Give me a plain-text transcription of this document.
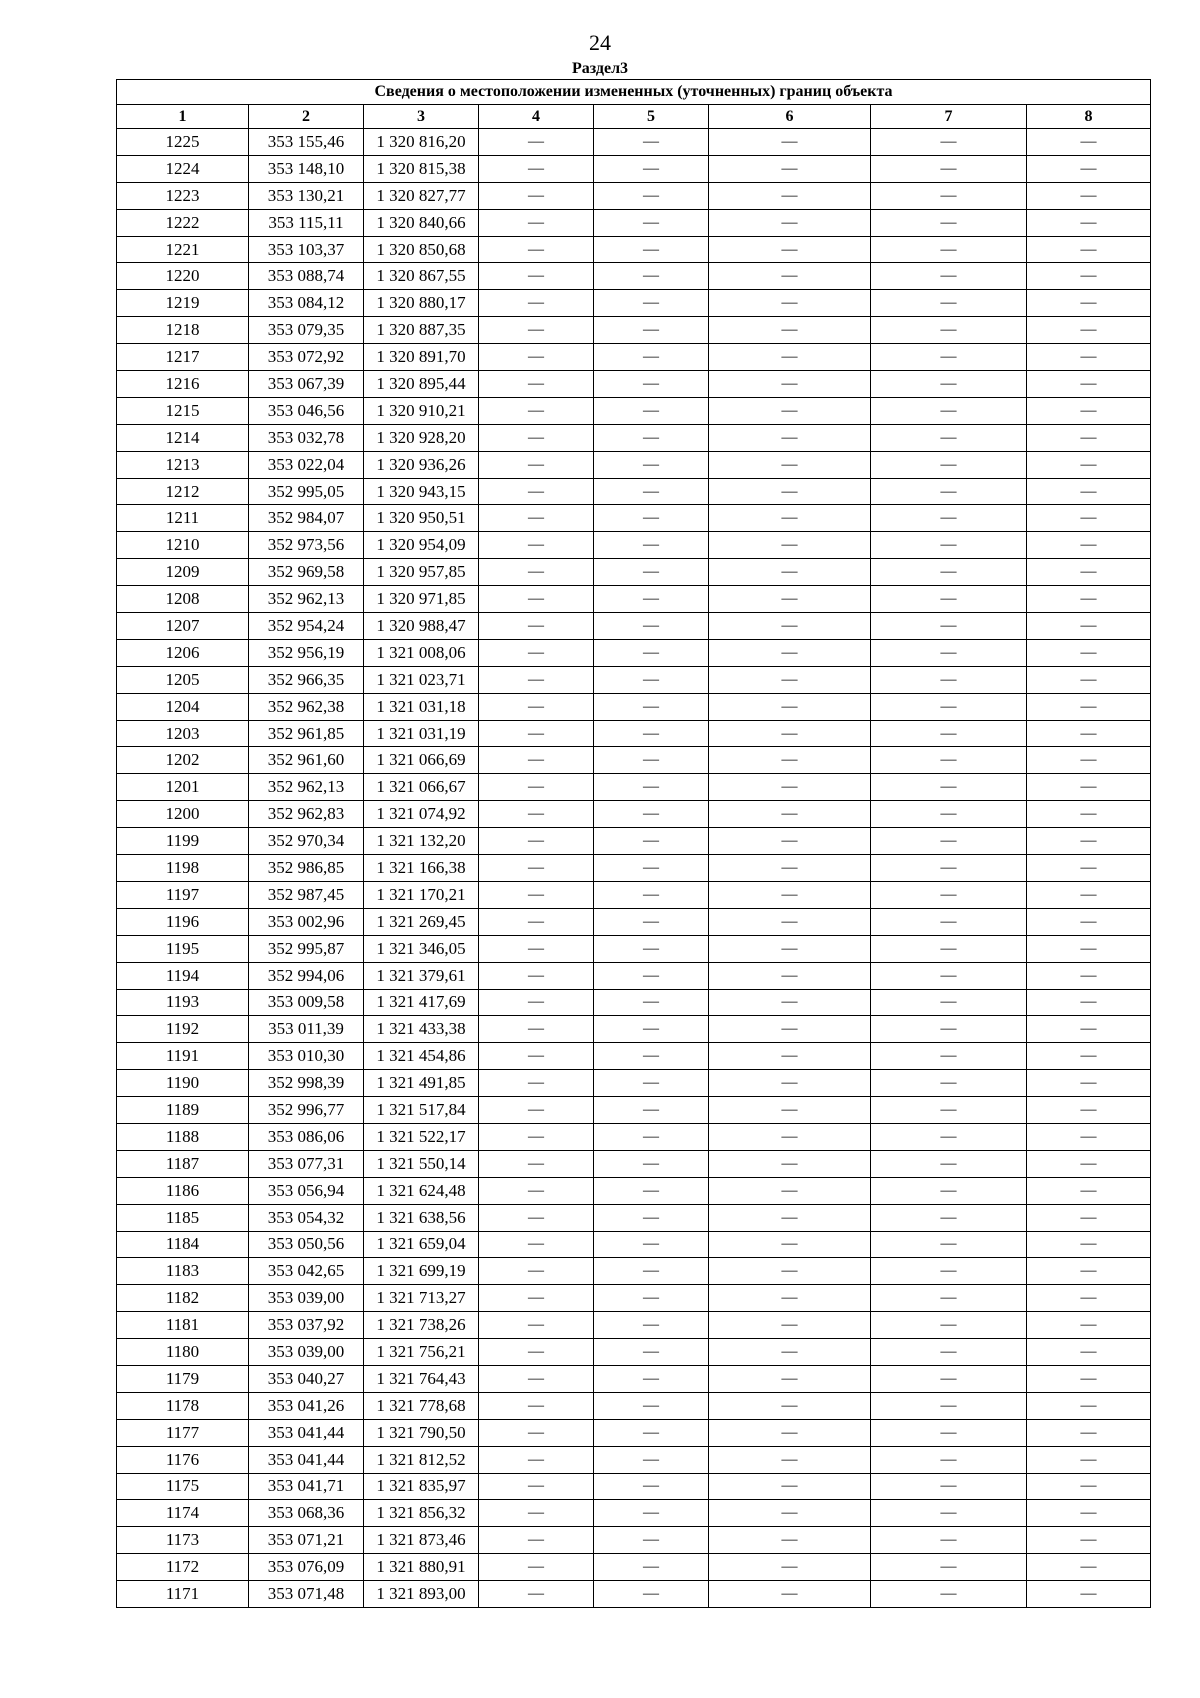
24
Раздел3
Сведения о местоположении измененных (уточненных) границ объекта							
1	2	3	4	5	6	7	8
1225	353 155,46	1 320 816,20	—	—	—	—	—
1224	353 148,10	1 320 815,38	—	—	—	—	—
1223	353 130,21	1 320 827,77	—	—	—	—	—
1222	353 115,11	1 320 840,66	—	—	—	—	—
1221	353 103,37	1 320 850,68	—	—	—	—	—
1220	353 088,74	1 320 867,55	—	—	—	—	—
1219	353 084,12	1 320 880,17	—	—	—	—	—
1218	353 079,35	1 320 887,35	—	—	—	—	—
1217	353 072,92	1 320 891,70	—	—	—	—	—
1216	353 067,39	1 320 895,44	—	—	—	—	—
1215	353 046,56	1 320 910,21	—	—	—	—	—
1214	353 032,78	1 320 928,20	—	—	—	—	—
1213	353 022,04	1 320 936,26	—	—	—	—	—
1212	352 995,05	1 320 943,15	—	—	—	—	—
1211	352 984,07	1 320 950,51	—	—	—	—	—
1210	352 973,56	1 320 954,09	—	—	—	—	—
1209	352 969,58	1 320 957,85	—	—	—	—	—
1208	352 962,13	1 320 971,85	—	—	—	—	—
1207	352 954,24	1 320 988,47	—	—	—	—	—
1206	352 956,19	1 321 008,06	—	—	—	—	—
1205	352 966,35	1 321 023,71	—	—	—	—	—
1204	352 962,38	1 321 031,18	—	—	—	—	—
1203	352 961,85	1 321 031,19	—	—	—	—	—
1202	352 961,60	1 321 066,69	—	—	—	—	—
1201	352 962,13	1 321 066,67	—	—	—	—	—
1200	352 962,83	1 321 074,92	—	—	—	—	—
1199	352 970,34	1 321 132,20	—	—	—	—	—
1198	352 986,85	1 321 166,38	—	—	—	—	—
1197	352 987,45	1 321 170,21	—	—	—	—	—
1196	353 002,96	1 321 269,45	—	—	—	—	—
1195	352 995,87	1 321 346,05	—	—	—	—	—
1194	352 994,06	1 321 379,61	—	—	—	—	—
1193	353 009,58	1 321 417,69	—	—	—	—	—
1192	353 011,39	1 321 433,38	—	—	—	—	—
1191	353 010,30	1 321 454,86	—	—	—	—	—
1190	352 998,39	1 321 491,85	—	—	—	—	—
1189	352 996,77	1 321 517,84	—	—	—	—	—
1188	353 086,06	1 321 522,17	—	—	—	—	—
1187	353 077,31	1 321 550,14	—	—	—	—	—
1186	353 056,94	1 321 624,48	—	—	—	—	—
1185	353 054,32	1 321 638,56	—	—	—	—	—
1184	353 050,56	1 321 659,04	—	—	—	—	—
1183	353 042,65	1 321 699,19	—	—	—	—	—
1182	353 039,00	1 321 713,27	—	—	—	—	—
1181	353 037,92	1 321 738,26	—	—	—	—	—
1180	353 039,00	1 321 756,21	—	—	—	—	—
1179	353 040,27	1 321 764,43	—	—	—	—	—
1178	353 041,26	1 321 778,68	—	—	—	—	—
1177	353 041,44	1 321 790,50	—	—	—	—	—
1176	353 041,44	1 321 812,52	—	—	—	—	—
1175	353 041,71	1 321 835,97	—	—	—	—	—
1174	353 068,36	1 321 856,32	—	—	—	—	—
1173	353 071,21	1 321 873,46	—	—	—	—	—
1172	353 076,09	1 321 880,91	—	—	—	—	—
1171	353 071,48	1 321 893,00	—	—	—	—	—
